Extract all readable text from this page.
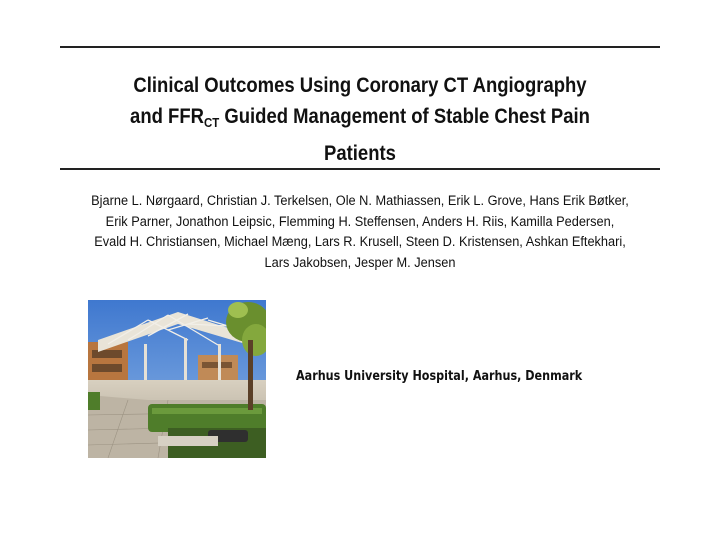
Clinical Outcomes Using Coronary CT Angiography
and $FFR_{CT}$ Guided Management of Stable Chest Pain
Patients
Bjarne L. Nørgaard, Christian J. Terkelsen, Ole N. Mathiassen, Erik L. Grove, Hans Erik Bøtker,
Erik Parner, Jonathon Leipsic, Flemming H. Steffensen, Anders H. Riis, Kamilla Pedersen,
Evald H. Christiansen, Michael Mæng, Lars R. Krusell, Steen D. Kristensen, Ashkan Eftekhari,
Lars Jakobsen, Jesper M. Jensen
Aarhus University Hospital, Aarhus, Denmark
